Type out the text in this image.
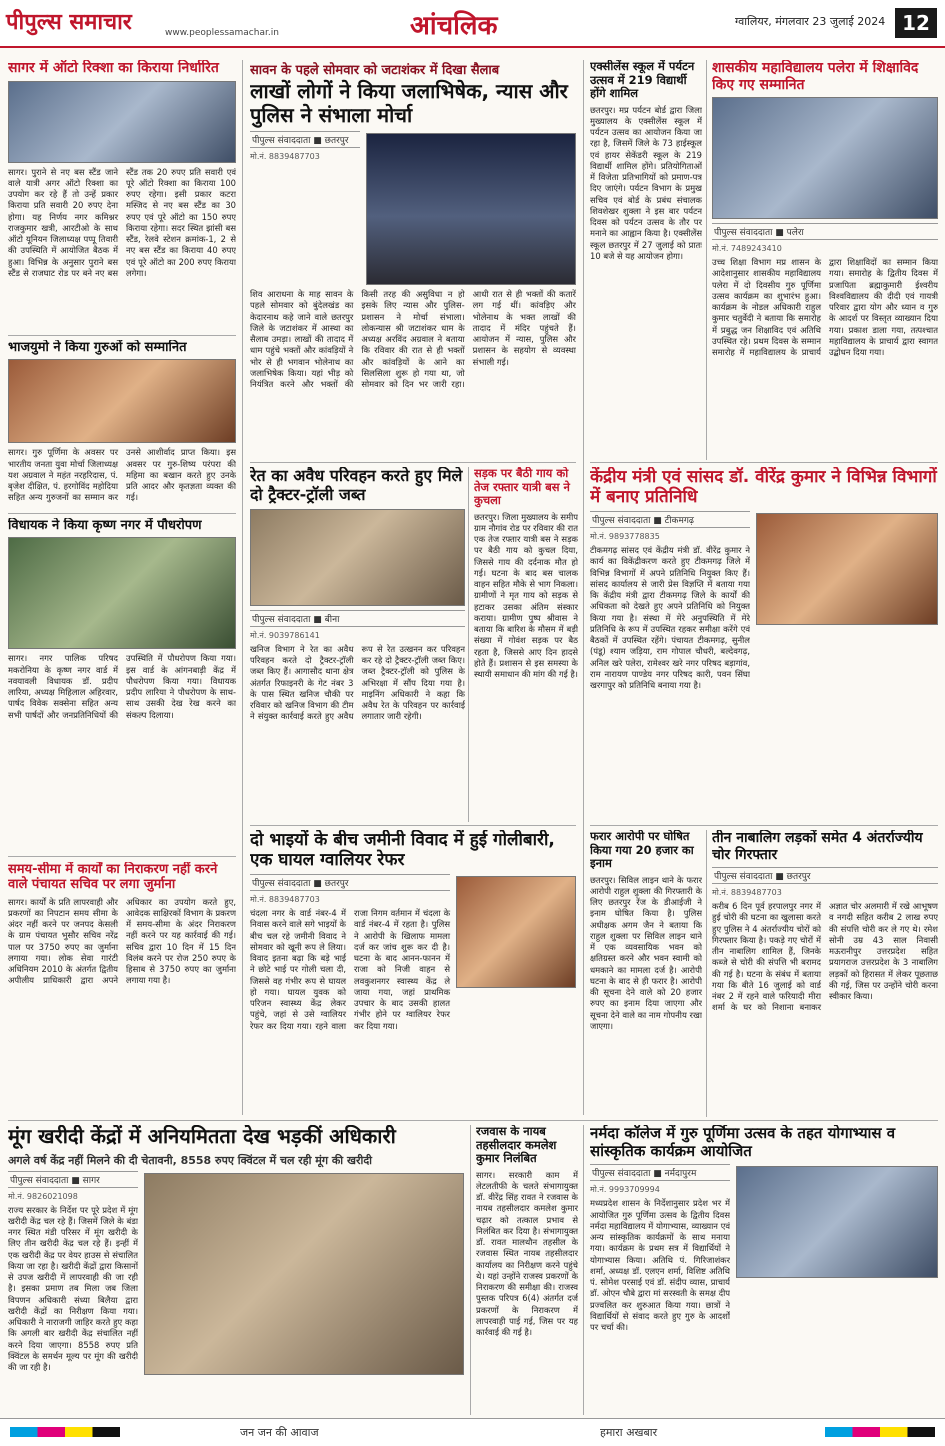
पीपुल्स समाचार	www.peoplessamachar.in	आंचलिक	ग्वालियर, मंगलवार 23 जुलाई 2024 12
सागर में ऑटो रिक्शा का किराया निर्धारित
सागर। पुराने से नए बस स्टैंड जाने वाले यात्री अगर ऑटो रिक्शा का उपयोग कर रहे हैं तो उन्हें प्रकार किराया प्रति सवारी 20 रुपए देना होगा। यह निर्णय नगर कमिश्नर राजकुमार खत्री, आरटीओ के साथ ऑटो यूनियन जिलाध्यक्ष पप्पू तिवारी की उपस्थिति में आयोजित बैठक में हुआ। विभिन्न के अनुसार पुराने बस स्टैंड से राजघाट रोड पर बने नए बस स्टैंड तक 20 रुपए प्रति सवारी एवं पूरे ऑटो रिक्शा का किराया 100 रुपए रहेगा। इसी प्रकार कटरा मस्जिद से नए बस स्टैंड का 30 रुपए एवं पूरे ऑटो का 150 रुपए किराया रहेगा। सदर स्थित झांसी बस स्टैंड, रेलवे स्टेशन क्रमांक-1, 2 से नए बस स्टैंड का किराया 40 रुपए एवं पूरे ऑटो का 200 रुपए किराया लगेगा।
भाजयुमो ने किया गुरुओं को सम्मानित
सागर। गुरु पूर्णिमा के अवसर पर भारतीय जनता युवा मोर्चा जिलाध्यक्ष यश अग्रवाल ने महंत नरहरिदास, पं. बृजेश दीक्षित, पं. हरगोविंद महोदिया सहित अन्य गुरुजनों का सम्मान कर उनसे आशीर्वाद प्राप्त किया। इस अवसर पर गुरु-शिष्य परंपरा की महिमा का बखान करते हुए उनके प्रति आदर और कृतज्ञता व्यक्त की गई।
विधायक ने किया कृष्ण नगर में पौधरोपण
सागर। नगर पालिक परिषद मकरोनिया के कृष्ण नगर वार्ड में नवयावली विधायक डॉ. प्रदीप लारिया, अध्यक्ष मिहिलाल अहिरवार, पार्षद विवेक सक्सेना सहित अन्य सभी पार्षदों और जनप्रतिनिधियों की उपस्थिति में पौधरोपण किया गया। इस वार्ड के आंगनबाड़ी केंद्र में पौधरोपण किया गया। विधायक प्रदीप लारिया ने पौधरोपण के साथ-साथ उसकी देख रेख करने का संकल्प दिलाया।
समय-सीमा में कार्यों का निराकरण नहीं करने वाले पंचायत सचिव पर लगा जुर्माना
सागर। कार्यों के प्रति लापरवाही और प्रकरणों का निपटान समय सीमा के अंदर नहीं करने पर जनपद केसली के ग्राम पंचायत भुसौर सचिव नरेंद्र पाल पर 3750 रुपए का जुर्माना लगाया गया। लोक सेवा गारंटी अधिनियम 2010 के अंतर्गत द्वितीय अपीलीय प्राधिकारी द्वारा अपने अधिकार का उपयोग करते हुए, आवेदक साक्षिरकों विभाग के प्रकरण में समय-सीमा के अंदर निराकरण नहीं करने पर यह कार्रवाई की गई। सचिव द्वारा 10 दिन में 15 दिन विलंब करने पर रोज 250 रुपए के हिसाब से 3750 रुपए का जुर्माना लगाया गया है।
सावन के पहले सोमवार को जटाशंकर में दिखा सैलाब
लाखों लोगों ने किया जलाभिषेक, न्यास और पुलिस ने संभाला मोर्चा
पीपुल्स संवाददाता ■ छतरपुर
मो.नं. 8839487703
शिव आराधना के माह सावन के पहले सोमवार को बुंदेलखंड का केदारनाथ कहे जाने वाले छतरपुर जिले के जटाशंकर में आस्था का सैलाब उमड़ा। लाखों की तादाद में धाम पहुंचे भक्तों और कांवड़ियों ने भोर से ही भगवान भोलेनाथ का जलाभिषेक किया। यहां भीड़ को नियंत्रित करने और भक्तों की किसी तरह की असुविधा न हो इसके लिए न्यास और पुलिस-प्रशासन ने मोर्चा संभाला। लोकन्यास श्री जटाशंकर धाम के अध्यक्ष अरविंद अग्रवाल ने बताया कि रविवार की रात से ही भक्तों और कांवड़ियों के आने का सिलसिला शुरू हो गया था, जो सोमवार को दिन भर जारी रहा। आधी रात से ही भक्तों की कतारें लग गई थीं। कांवड़िए और भोलेनाथ के भक्त लाखों की तादाद में मंदिर पहुंचते हैं। आयोजन में न्यास, पुलिस और प्रशासन के सहयोग से व्यवस्था संभाली गई।
रेत का अवैध परिवहन करते हुए मिले दो ट्रैक्टर-ट्रॉली जब्त
पीपुल्स संवाददाता ■ बीना
मो.नं. 9039786141
खनिज विभाग ने रेत का अवैध परिवहन करते दो ट्रैक्टर-ट्रॉली जब्त किए हैं। आगासौद थाना क्षेत्र अंतर्गत रिफाइनरी के गेट नंबर 3 के पास स्थित खनिज चौकी पर रविवार को खनिज विभाग की टीम ने संयुक्त कार्रवाई करते हुए अवैध रूप से रेत उत्खनन कर परिवहन कर रहे दो ट्रैक्टर-ट्रॉली जब्त किए। जब्त ट्रैक्टर-ट्रॉली को पुलिस के अभिरक्षा में सौंप दिया गया है। माइनिंग अधिकारी ने कहा कि अवैध रेत के परिवहन पर कार्रवाई लगातार जारी रहेगी।
सड़क पर बैठी गाय को तेज रफ्तार यात्री बस ने कुचला
छतरपुर। जिला मुख्यालय के समीप ग्राम नौगांव रोड पर रविवार की रात एक तेज रफ्तार यात्री बस ने सड़क पर बैठी गाय को कुचल दिया, जिससे गाय की दर्दनाक मौत हो गई। घटना के बाद बस चालक वाहन सहित मौके से भाग निकला। ग्रामीणों ने मृत गाय को सड़क से हटाकर उसका अंतिम संस्कार कराया। ग्रामीण पुष्प श्रीवास ने बताया कि बारिश के मौसम में बड़ी संख्या में गोवंश सड़क पर बैठ रहता है, जिससे आए दिन हादसे होते हैं। प्रशासन से इस समस्या के स्थायी समाधान की मांग की गई है।
दो भाइयों के बीच जमीनी विवाद में हुई गोलीबारी, एक घायल ग्वालियर रेफर
पीपुल्स संवाददाता ■ छतरपुर
मो.नं. 8839487703
चंदला नगर के वार्ड नंबर-4 में निवास करने वाले सगे भाइयों के बीच चल रहे जमीनी विवाद ने सोमवार को खूनी रूप ले लिया। विवाद इतना बढ़ा कि बड़े भाई ने छोटे भाई पर गोली चला दी, जिससे वह गंभीर रूप से घायल हो गया। घायल युवक को परिजन स्वास्थ्य केंद्र लेकर पहुंचे, जहां से उसे ग्वालियर रेफर कर दिया गया। रहने वाला राजा निगम वर्तमान में चंदला के वार्ड नंबर-4 में रहता है। पुलिस ने आरोपी के खिलाफ मामला दर्ज कर जांच शुरू कर दी है। घटना के बाद आनन-फानन में राजा को निजी वाहन से लवकुशनगर स्वास्थ्य केंद्र ले जाया गया, जहां प्राथमिक उपचार के बाद उसकी हालत गंभीर होने पर ग्वालियर रेफर कर दिया गया।
एक्सीलेंस स्कूल में पर्यटन उत्सव में 219 विद्यार्थी होंगे शामिल
छतरपुर। मप्र पर्यटन बोर्ड द्वारा जिला मुख्यालय के एक्सीलेंस स्कूल में पर्यटन उत्सव का आयोजन किया जा रहा है, जिसमें जिले के 73 हाईस्कूल एवं हायर सेकेंडरी स्कूल के 219 विद्यार्थी शामिल होंगे। प्रतियोगिताओं में विजेता प्रतिभागियों को प्रमाण-पत्र दिए जाएंगे। पर्यटन विभाग के प्रमुख सचिव एवं बोर्ड के प्रबंध संचालक शिवशेखर शुक्ला ने इस बार पर्यटन दिवस को पर्यटन उत्सव के तौर पर मनाने का आह्वान किया है। एक्सीलेंस स्कूल छतरपुर में 27 जुलाई को प्रातः 10 बजे से यह आयोजन होगा।
फरार आरोपी पर घोषित किया गया 20 हजार का इनाम
छतरपुर। सिविल लाइन थाने के फरार आरोपी राहुल शुक्ला की गिरफ्तारी के लिए छतरपुर रेंज के डीआईजी ने इनाम घोषित किया है। पुलिस अधीक्षक अगम जैन ने बताया कि राहुल शुक्ला पर सिविल लाइन थाने में एक व्यवसायिक भवन को क्षतिग्रस्त करने और भवन स्वामी को धमकाने का मामला दर्ज है। आरोपी घटना के बाद से ही फरार है। आरोपी की सूचना देने वाले को 20 हजार रुपए का इनाम दिया जाएगा और सूचना देने वाले का नाम गोपनीय रखा जाएगा।
शासकीय महाविद्यालय पलेरा में शिक्षाविद किए गए सम्मानित
पीपुल्स संवाददाता ■ पलेरा
मो.नं. 7489243410
उच्च शिक्षा विभाग मप्र शासन के आदेशानुसार शासकीय महाविद्यालय पलेरा में दो दिवसीय गुरु पूर्णिमा उत्सव कार्यक्रम का शुभारंभ हुआ। कार्यक्रम के नोडल अधिकारी राहुल कुमार चतुर्वेदी ने बताया कि समारोह में प्रबुद्ध जन शिक्षाविद एवं अतिथि उपस्थित रहे। प्रथम दिवस के सम्मान समारोह में महाविद्यालय के प्राचार्य द्वारा शिक्षाविदों का सम्मान किया गया। समारोह के द्वितीय दिवस में प्रजापिता ब्रह्माकुमारी ईश्वरीय विश्वविद्यालय की दीदी एवं गायत्री परिवार द्वारा योग और ध्यान व गुरु के आदर्श पर विस्तृत व्याख्यान दिया गया। प्रकाश डाला गया, तत्पश्चात महाविद्यालय के प्राचार्य द्वारा स्वागत उद्बोधन दिया गया।
केंद्रीय मंत्री एवं सांसद डॉ. वीरेंद्र कुमार ने विभिन्न विभागों में बनाए प्रतिनिधि
पीपुल्स संवाददाता ■ टीकमगढ़
मो.नं. 9893778835
टीकमगढ़ सांसद एवं केंद्रीय मंत्री डॉ. वीरेंद्र कुमार ने कार्य का विकेंद्रीकरण करते हुए टीकमगढ़ जिले में विभिन्न विभागों में अपने प्रतिनिधि नियुक्त किए हैं। सांसद कार्यालय से जारी प्रेस विज्ञप्ति में बताया गया कि केंद्रीय मंत्री द्वारा टीकमगढ़ जिले के कार्यों की अधिकता को देखते हुए अपने प्रतिनिधि को नियुक्त किया गया है। संस्था में मेरे अनुपस्थिति में मेरे प्रतिनिधि के रूप में उपस्थित रहकर समीक्षा करेंगे एवं बैठकों में उपस्थित रहेंगे। पंचायत टीकमगढ़, सुनील (पंडू) श्याम जड़िया, राम गोपाल चौधरी, बल्देवगढ़, अनिल खरे पलेरा, रामेश्वर खरे नगर परिषद बड़ागांव, राम नारायण पाण्डेय नगर परिषद कारी, पवन सिंघा खरगापुर को प्रतिनिधि बनाया गया है।
तीन नाबालिग लड़कों समेत 4 अंतर्राज्यीय चोर गिरफ्तार
पीपुल्स संवाददाता ■ छतरपुर
मो.नं. 8839487703
करीब 6 दिन पूर्व हरपालपुर नगर में हुई चोरी की घटना का खुलासा करते हुए पुलिस ने 4 अंतर्राज्यीय चोरों को गिरफ्तार किया है। पकड़े गए चोरों में तीन नाबालिग शामिल हैं, जिनके कब्जे से चोरी की संपत्ति भी बरामद की गई है। घटना के संबंध में बताया गया कि बीते 16 जुलाई को वार्ड नंबर 2 में रहने वाले फरियादी मीरा शर्मा के घर को निशाना बनाकर अज्ञात चोर अलमारी में रखे आभूषण व नगदी सहित करीब 2 लाख रुपए की संपत्ति चोरी कर ले गए थे। रमेश सोनी उम्र 43 साल निवासी मऊरानीपुर उत्तरप्रदेश सहित प्रयागराज उत्तरप्रदेश के 3 नाबालिग लड़कों को हिरासत में लेकर पूछताछ की गई, जिस पर उन्होंने चोरी करना स्वीकार किया।
मूंग खरीदी केंद्रों में अनियमितता देख भड़कीं अधिकारी
अगले वर्ष केंद्र नहीं मिलने की दी चेतावनी, 8558 रुपए क्विंटल में चल रही मूंग की खरीदी
पीपुल्स संवाददाता ■ सागर
मो.नं. 9826021098
राज्य सरकार के निर्देश पर पूरे प्रदेश में मूंग खरीदी केंद्र चल रहे हैं। जिसमें जिले के बंडा नगर स्थित मंडी परिसर में मूंग खरीदी के लिए तीन खरीदी केंद्र चल रहे हैं। इन्हीं में एक खरीदी केंद्र पर वेयर हाउस से संचालित किया जा रहा है। खरीदी केंद्रों द्वारा किसानों से उपज खरीदी में लापरवाही की जा रही है। इसका प्रमाण तब मिला जब जिला विपणन अधिकारी संध्या बिलैया द्वारा खरीदी केंद्रों का निरीक्षण किया गया। अधिकारी ने नाराजगी जाहिर करते हुए कहा कि अगली बार खरीदी केंद्र संचालित नहीं करने दिया जाएगा। 8558 रुपए प्रति क्विंटल के समर्थन मूल्य पर मूंग की खरीदी की जा रही है।
रजवास के नायब तहसीलदार कमलेश कुमार निलंबित
सागर। सरकारी काम में लेटलतीफी के चलते संभागायुक्त डॉ. वीरेंद्र सिंह रावत ने रजवास के नायब तहसीलदार कमलेश कुमार चढ़ार को तत्काल प्रभाव से निलंबित कर दिया है। संभागायुक्त डॉ. रावत मालथौन तहसील के रजवास स्थित नायब तहसीलदार कार्यालय का निरीक्षण करने पहुंचे थे। यहां उन्होंने राजस्व प्रकरणों के निराकरण की समीक्षा की। राजस्व पुस्तक परिपत्र 6(4) अंतर्गत दर्ज प्रकरणों के निराकरण में लापरवाही पाई गई, जिस पर यह कार्रवाई की गई है।
नर्मदा कॉलेज में गुरु पूर्णिमा उत्सव के तहत योगाभ्यास व सांस्कृतिक कार्यक्रम आयोजित
पीपुल्स संवाददाता ■ नर्मदापुरम
मो.नं. 9993709994
मध्यप्रदेश शासन के निर्देशानुसार प्रदेश भर में आयोजित गुरु पूर्णिमा उत्सव के द्वितीय दिवस नर्मदा महाविद्यालय में योगाभ्यास, व्याख्यान एवं अन्य सांस्कृतिक कार्यक्रमों के साथ मनाया गया। कार्यक्रम के प्रथम सत्र में विद्यार्थियों ने योगाभ्यास किया। अतिथि पं. गिरिजाशंकर शर्मा, अध्यक्ष डॉ. एलएन शर्मा, विशिष्ट अतिथि पं. सोमेश परसाई एवं डॉ. संदीप व्यास, प्राचार्य डॉ. ओएन चौबे द्वारा मां सरस्वती के समक्ष दीप प्रज्वलित कर शुरुआत किया गया। छात्रों ने विद्यार्थियों से संवाद करते हुए गुरु के आदर्शों पर चर्चा की।
जन जन की आवाज	हमारा अखबार
